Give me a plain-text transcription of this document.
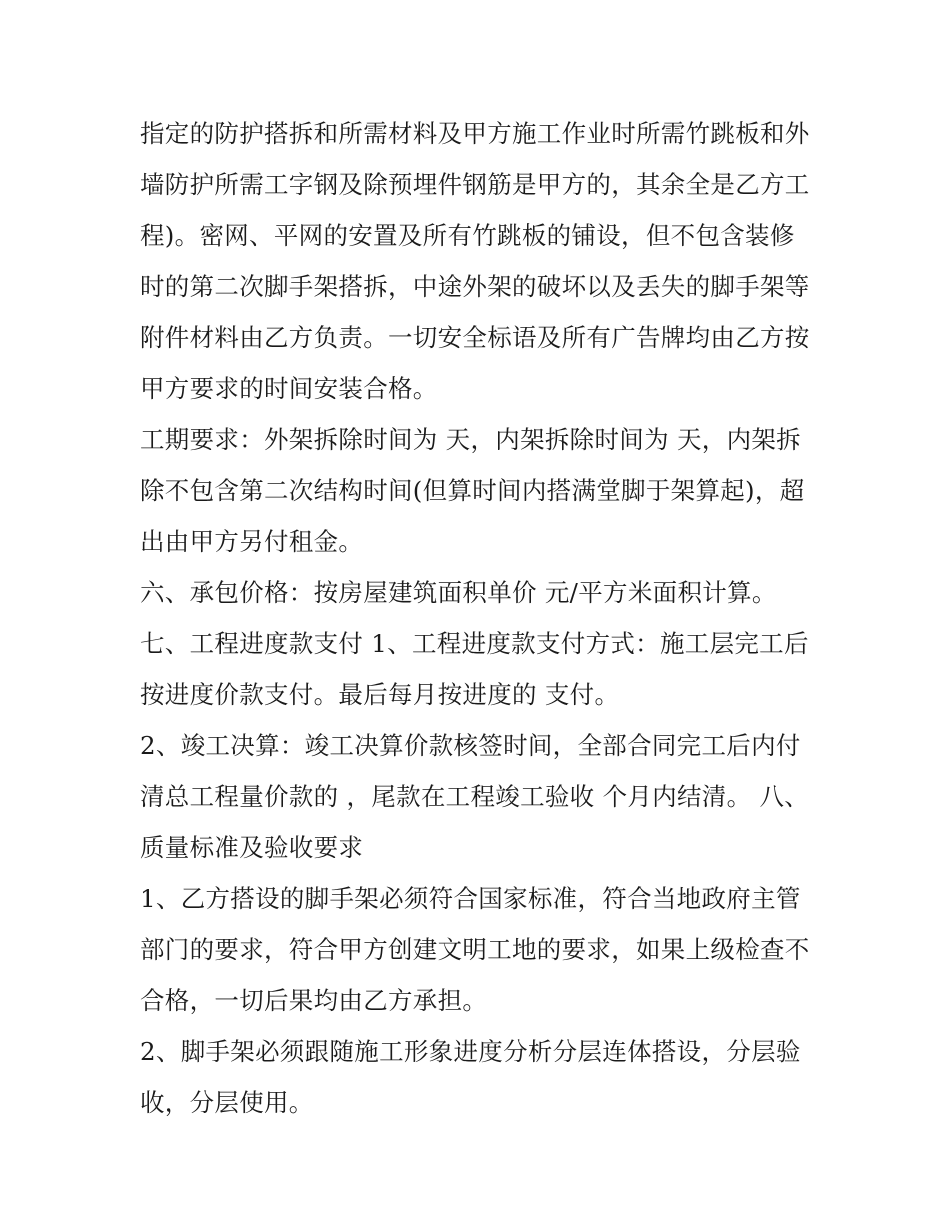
指定的防护搭拆和所需材料及甲方施工作业时所需竹跳板和外
墙防护所需工字钢及除预埋件钢筋是甲方的，其余全是乙方工
程)。密网、平网的安置及所有竹跳板的铺设，但不包含装修
时的第二次脚手架搭拆，中途外架的破坏以及丢失的脚手架等
附件材料由乙方负责。一切安全标语及所有广告牌均由乙方按
甲方要求的时间安装合格。
工期要求：外架拆除时间为 天，内架拆除时间为 天，内架拆
除不包含第二次结构时间(但算时间内搭满堂脚于架算起)，超
出由甲方另付租金。
六、承包价格：按房屋建筑面积单价 元/平方米面积计算。
七、工程进度款支付 1、工程进度款支付方式：施工层完工后
按进度价款支付。最后每月按进度的 支付。
2、竣工决算：竣工决算价款核签时间，全部合同完工后内付
清总工程量价款的 ，尾款在工程竣工验收 个月内结清。 八、
质量标准及验收要求
1、乙方搭设的脚手架必须符合国家标准，符合当地政府主管
部门的要求，符合甲方创建文明工地的要求，如果上级检查不
合格，一切后果均由乙方承担。
2、脚手架必须跟随施工形象进度分析分层连体搭设，分层验
收，分层使用。
